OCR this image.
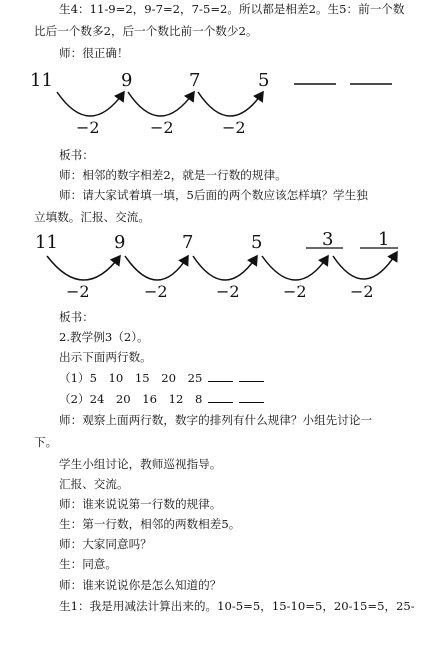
生4：11-9=2，9-7=2，7-5=2。所以都是相差2。生5：前一个数
比后一个数多2，后一个数比前一个数少2。
师：很正确！
11	9	7	5
−2	−2	−2
板书：
师：相邻的数字相差2，就是一行数的规律。
师：请大家试着填一填，5后面的两个数应该怎样填？学生独
立填数。汇报、交流。
11	9	7	5	3 1
−2	−2	−2	−2	−2
板书：
2.教学例3（2）。
出示下面两行数。
（1）5　10　15　20　25
（2）24　20　16　12　8
师：观察上面两行数，数字的排列有什么规律？小组先讨论一
下。
学生小组讨论，教师巡视指导。
汇报、交流。
师：谁来说说第一行数的规律。
生：第一行数，相邻的两数相差5。
师：大家同意吗？
生：同意。
师：谁来说说你是怎么知道的？
生1：我是用减法计算出来的。10-5=5，15-10=5，20-15=5，25-
